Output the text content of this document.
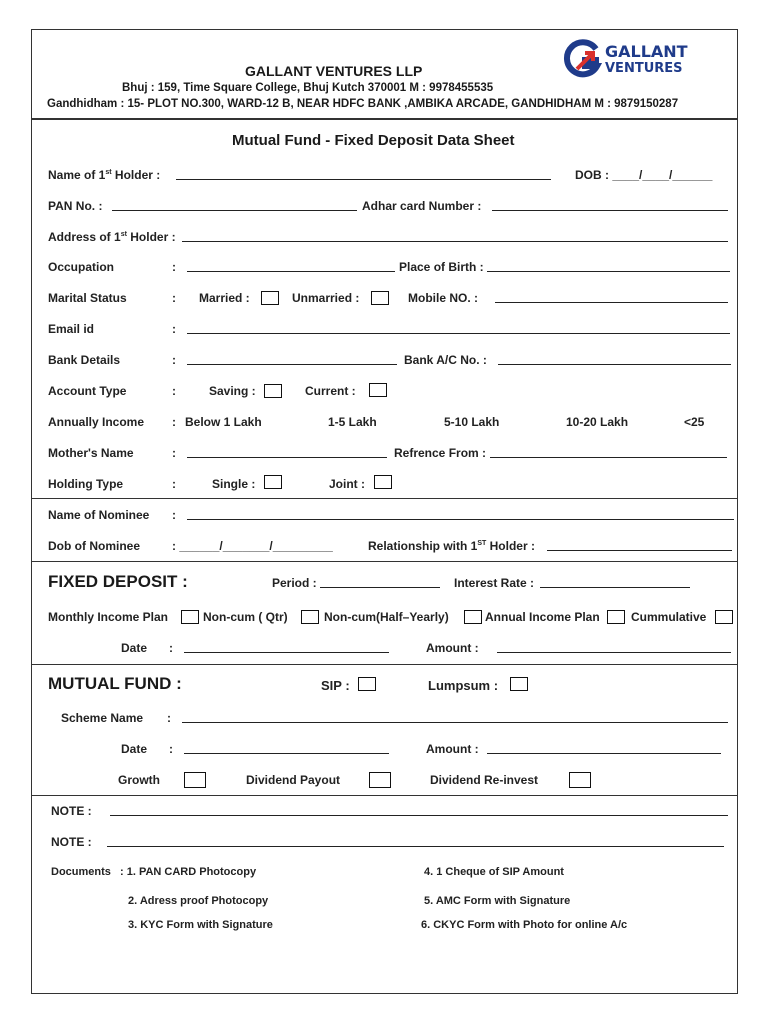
GALLANT VENTURES LLP
Bhuj : 159, Time Square College, Bhuj Kutch 370001 M : 9978455535
Gandhidham : 15- PLOT NO.300, WARD-12 B, NEAR HDFC BANK ,AMBIKA ARCADE, GANDHIDHAM M : 9879150287
GALLANT
VENTURES
Mutual Fund - Fixed Deposit Data Sheet
Name of 1st Holder :	DOB : ____/____/______
PAN No. :	Adhar card Number :
Address of 1st Holder :
Occupation	:	Place of Birth :
Marital Status	: Married :	Unmarried :	Mobile NO. :
Email id	:
Bank Details	:	Bank A/C No. :
Account Type	:	Saving :	Current :
Annually Income : Below 1 Lakh	1-5 Lakh	5-10 Lakh	10-20 Lakh	<25
Mother's Name	:	Refrence From :
Holding Type	:	Single :	Joint :
Name of Nominee :
Dob of Nominee	: ______/_______/_________	Relationship with 1ST Holder :
FIXED DEPOSIT :	Period :	Interest Rate :
Monthly Income Plan	Non-cum ( Qtr)	Non-cum(Half–Yearly)	Annual Income Plan	Cummulative
Date :	Amount :
MUTUAL FUND :	SIP :	Lumpsum :
Scheme Name :
Date :	Amount :
Growth	Dividend Payout	Dividend Re-invest
NOTE :
NOTE :
Documents : 1. PAN CARD Photocopy
2. Adress proof Photocopy
3. KYC Form with Signature
4. 1 Cheque of SIP Amount
5. AMC Form with Signature
6. CKYC Form with Photo for online A/c
